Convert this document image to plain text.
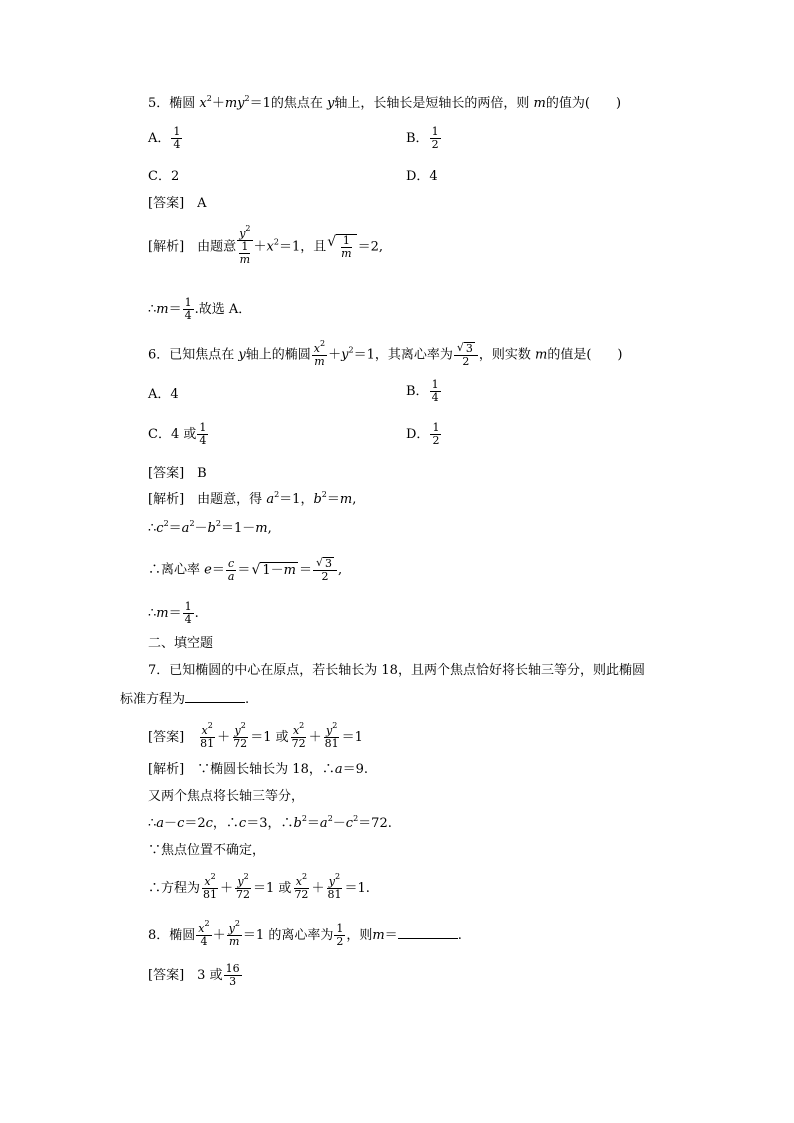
5．椭圆 $x^2+my^2=1$的焦点在 y轴上，长轴长是短轴长的两倍，则 m的值为(　　)
A． $\frac{1}{4}$	B． $\frac{1}{2}$
C．2	D．4
[答案]　 A
[解析]　 由题意 $y^2$
1
$m +x^2=1$，且 √ $\frac{1}{m} =2$,
∴m＝ $\frac{1}{4}$ .故选 A．
6．已知焦点在 y轴上的椭圆 $\frac{x^2}{m} +y^2=1$，其离心率为 $\frac{√ 3}{2}$ ，则实数 m的值是(　　)
A．4	B． $\frac{1}{4}$
C．4 或 $\frac{1}{4}$	D． $\frac{1}{2}$
[答案]　 B
[解析]　 由题意，得 $a^2=1$，$b^2=m$,
$\therefore c^2=a^2-b^2=1-m$,
∴离心率 $e= \frac{c}{a}$ ＝ √ $1- m = \frac{√ 3}{2}$ ,
∴m＝ $\frac{1}{4}$ .
二、填空题
7．已知椭圆的中心在原点，若长轴长为 18，且两个焦点恰好将长轴三等分，则此椭圆
标准方程为	.
[答案]　 $\frac{x^2}{81} + \frac{y^2}{72} =1$ 或 $\frac{x^2}{72} + \frac{y^2}{81} =1$
[解析]　 ∵椭圆长轴长为 18，∴a＝9.
又两个焦点将长轴三等分，
∴a－c＝2c，∴c＝3，$\therefore b^2=a^2-c^2=72$.
∵焦点位置不确定，
∴方程为 $\frac{x^2}{81} + \frac{y^2}{72} =1$ 或 $\frac{x^2}{72} + \frac{y^2}{81} =1$.
8．椭圆 $\frac{x^2}{4} + \frac{y^2}{m} =1$ 的离心率为 $\frac{1}{2}$ ，则m＝	.
[答案]　 3 或 $\frac{16}{3}$
